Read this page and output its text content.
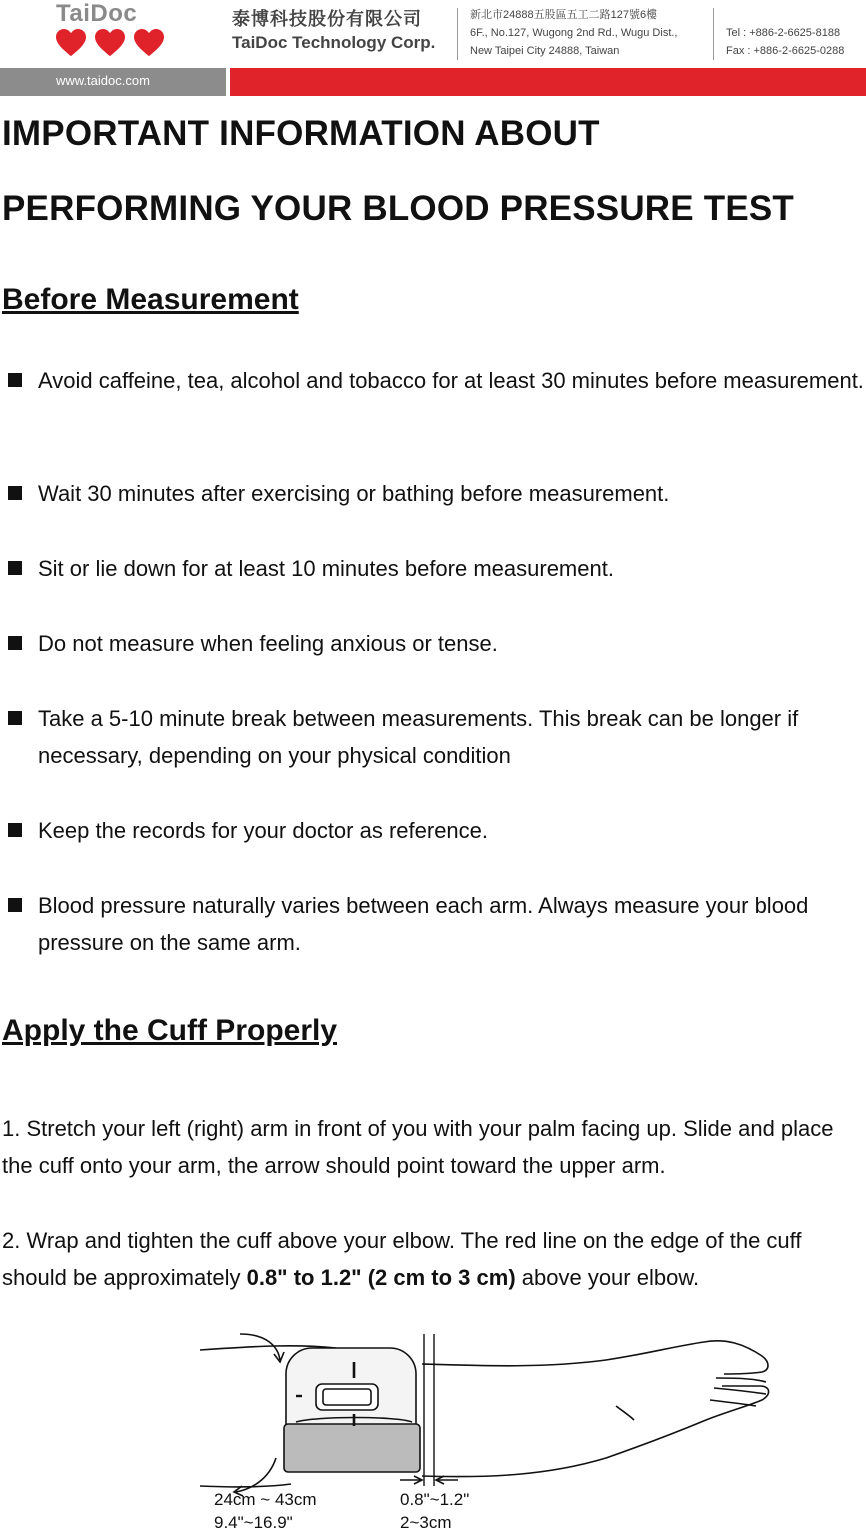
TaiDoc
www.taidoc.com
泰博科技股份有限公司
TaiDoc Technology Corp.
新北市24888五股區五工二路127號6樓
6F., No.127, Wugong 2nd Rd., Wugu Dist.,
New Taipei City 24888, Taiwan
Tel : +886-2-6625-8188
Fax : +886-2-6625-0288
IMPORTANT INFORMATION ABOUT
PERFORMING YOUR BLOOD PRESSURE TEST
Before Measurement
Avoid caffeine, tea, alcohol and tobacco for at least 30 minutes before measurement.
Wait 30 minutes after exercising or bathing before measurement.
Sit or lie down for at least 10 minutes before measurement.
Do not measure when feeling anxious or tense.
Take a 5-10 minute break between measurements. This break can be longer if necessary, depending on your physical condition
Keep the records for your doctor as reference.
Blood pressure naturally varies between each arm. Always measure your blood pressure on the same arm.
Apply the Cuff Properly
1. Stretch your left (right) arm in front of you with your palm facing up. Slide and place the cuff onto your arm, the arrow should point toward the upper arm.
2. Wrap and tighten the cuff above your elbow. The red line on the edge of the cuff should be approximately 0.8" to 1.2" (2 cm to 3 cm) above your elbow.
24cm ~ 43cm
9.4"~16.9"
0.8"~1.2"
2~3cm
